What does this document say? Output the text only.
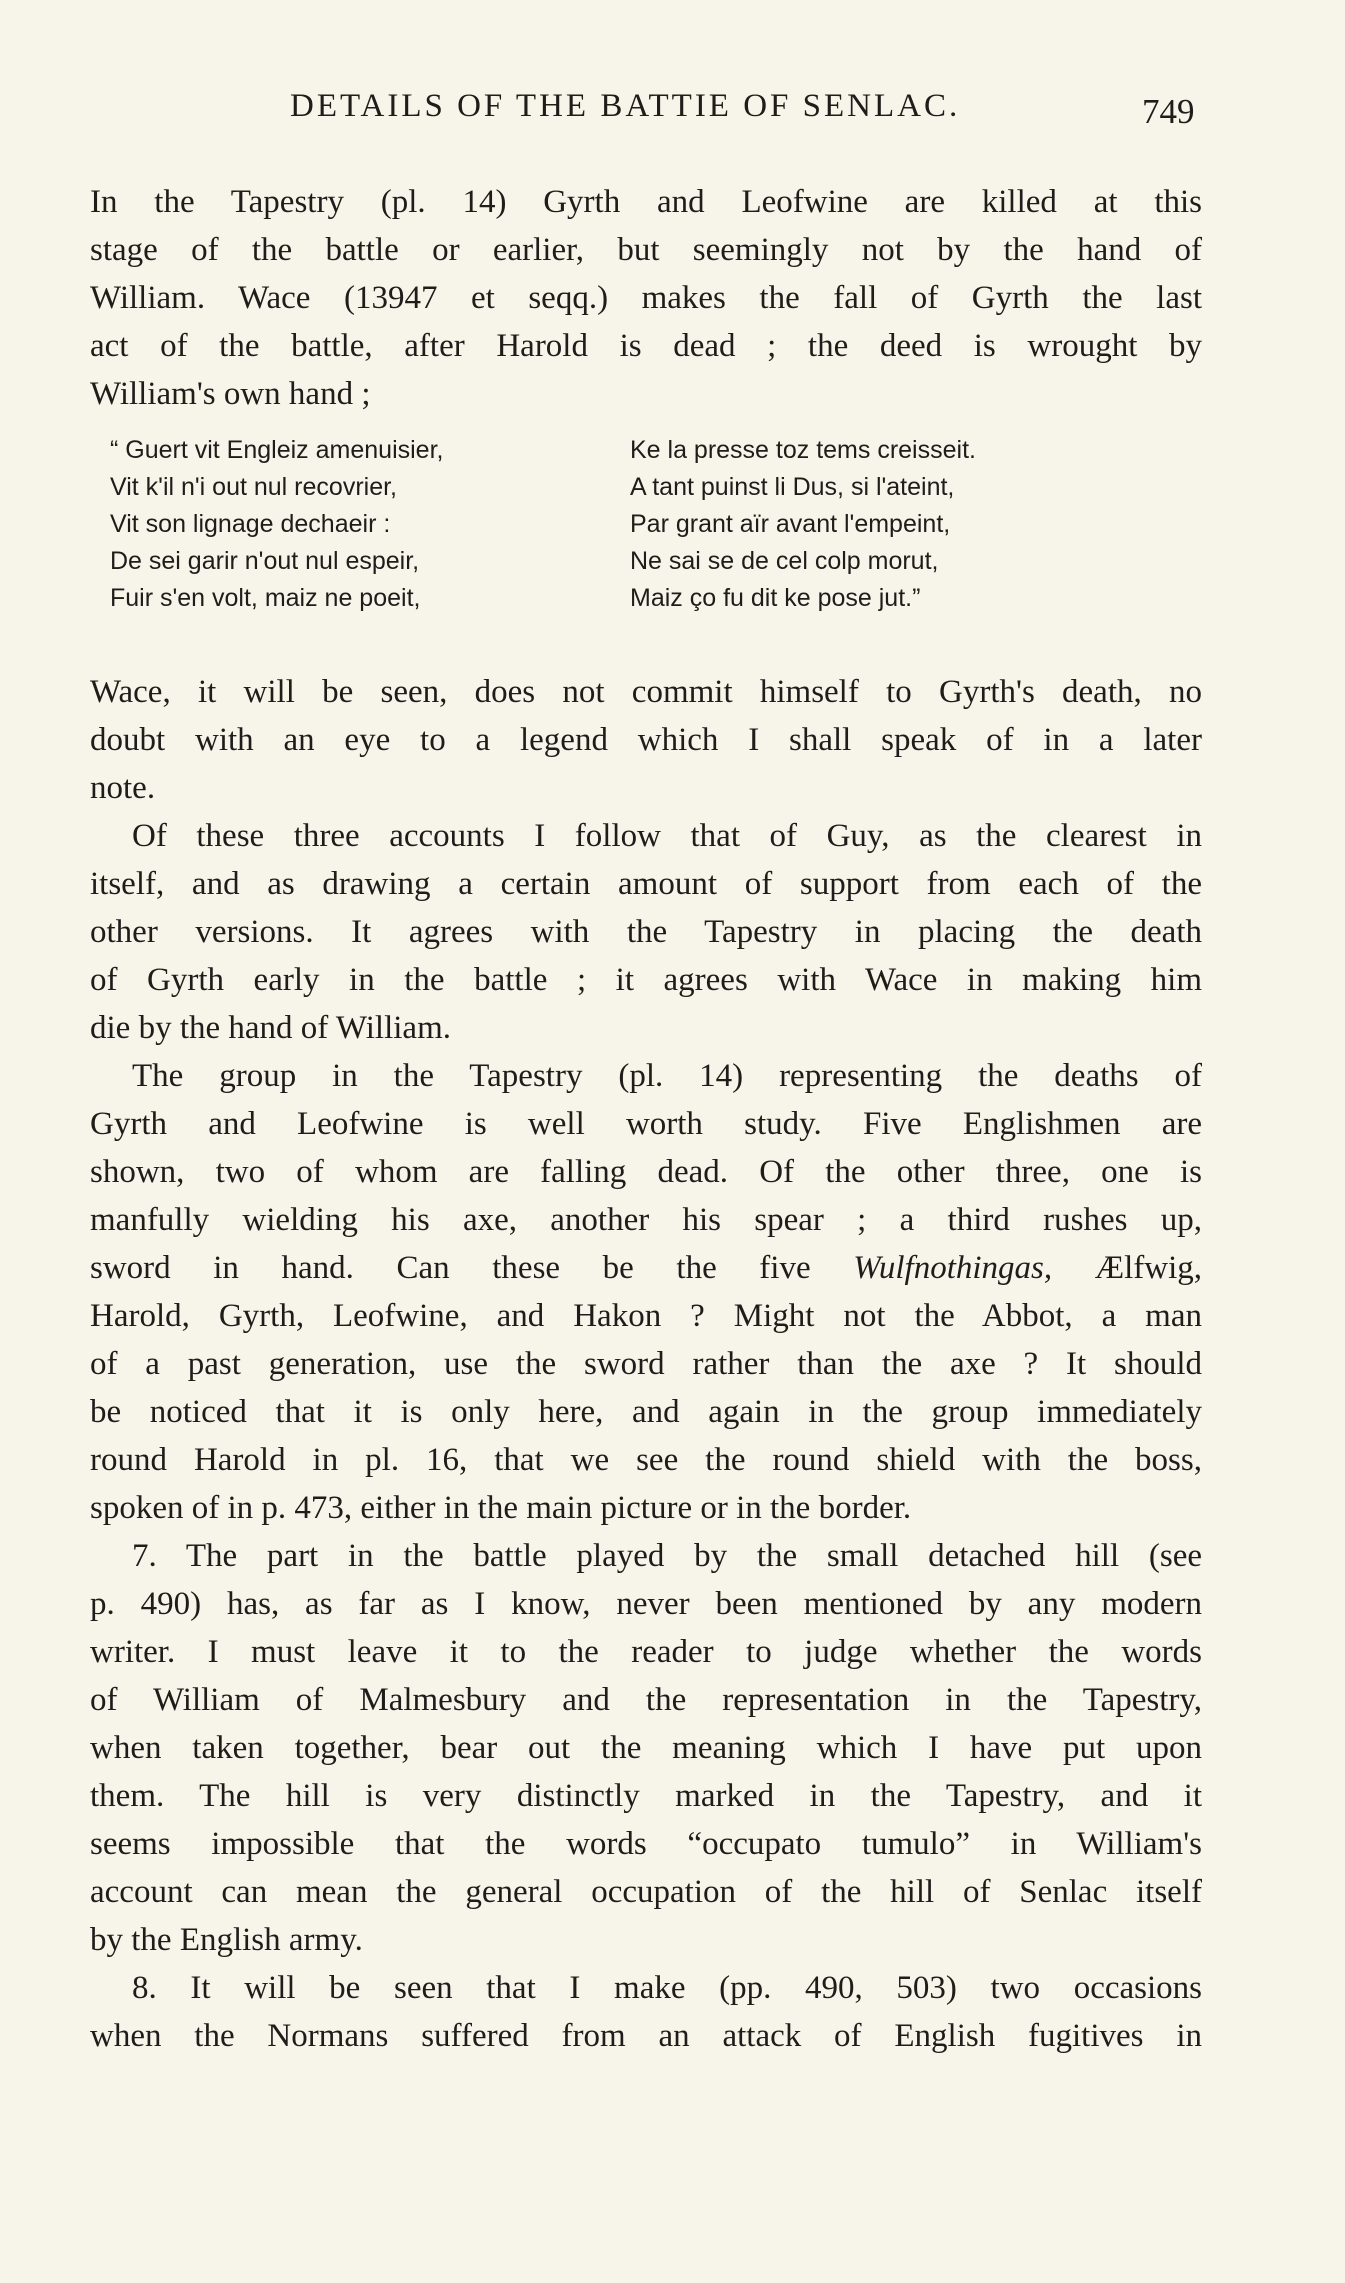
DETAILS OF THE BATTIE OF SENLAC.	749
In the Tapestry (pl. 14) Gyrth and Leofwine are killed at this
stage of the battle or earlier, but seemingly not by the hand of
William. Wace (13947 et seqq.) makes the fall of Gyrth the last
act of the battle, after Harold is dead ; the deed is wrought by
William's own hand ;
“ Guert vit Engleiz amenuisier,
Vit k'il n'i out nul recovrier,
Vit son lignage dechaeir :
De sei garir n'out nul espeir,
Fuir s'en volt, maiz ne poeit,
Ke la presse toz tems creisseit.
A tant puinst li Dus, si l'ateint,
Par grant aïr avant l'empeint,
Ne sai se de cel colp morut,
Maiz ço fu dit ke pose jut.”
Wace, it will be seen, does not commit himself to Gyrth's death, no
doubt with an eye to a legend which I shall speak of in a later
note.
Of these three accounts I follow that of Guy, as the clearest in
itself, and as drawing a certain amount of support from each of the
other versions. It agrees with the Tapestry in placing the death
of Gyrth early in the battle ; it agrees with Wace in making him
die by the hand of William.
The group in the Tapestry (pl. 14) representing the deaths of
Gyrth and Leofwine is well worth study. Five Englishmen are
shown, two of whom are falling dead. Of the other three, one is
manfully wielding his axe, another his spear ; a third rushes up,
sword in hand. Can these be the five Wulfnothingas, Ælfwig,
Harold, Gyrth, Leofwine, and Hakon ? Might not the Abbot, a man
of a past generation, use the sword rather than the axe ? It should
be noticed that it is only here, and again in the group immediately
round Harold in pl. 16, that we see the round shield with the boss,
spoken of in p. 473, either in the main picture or in the border.
7. The part in the battle played by the small detached hill (see
p. 490) has, as far as I know, never been mentioned by any modern
writer. I must leave it to the reader to judge whether the words
of William of Malmesbury and the representation in the Tapestry,
when taken together, bear out the meaning which I have put upon
them. The hill is very distinctly marked in the Tapestry, and it
seems impossible that the words “occupato tumulo” in William's
account can mean the general occupation of the hill of Senlac itself
by the English army.
8. It will be seen that I make (pp. 490, 503) two occasions
when the Normans suffered from an attack of English fugitives in
